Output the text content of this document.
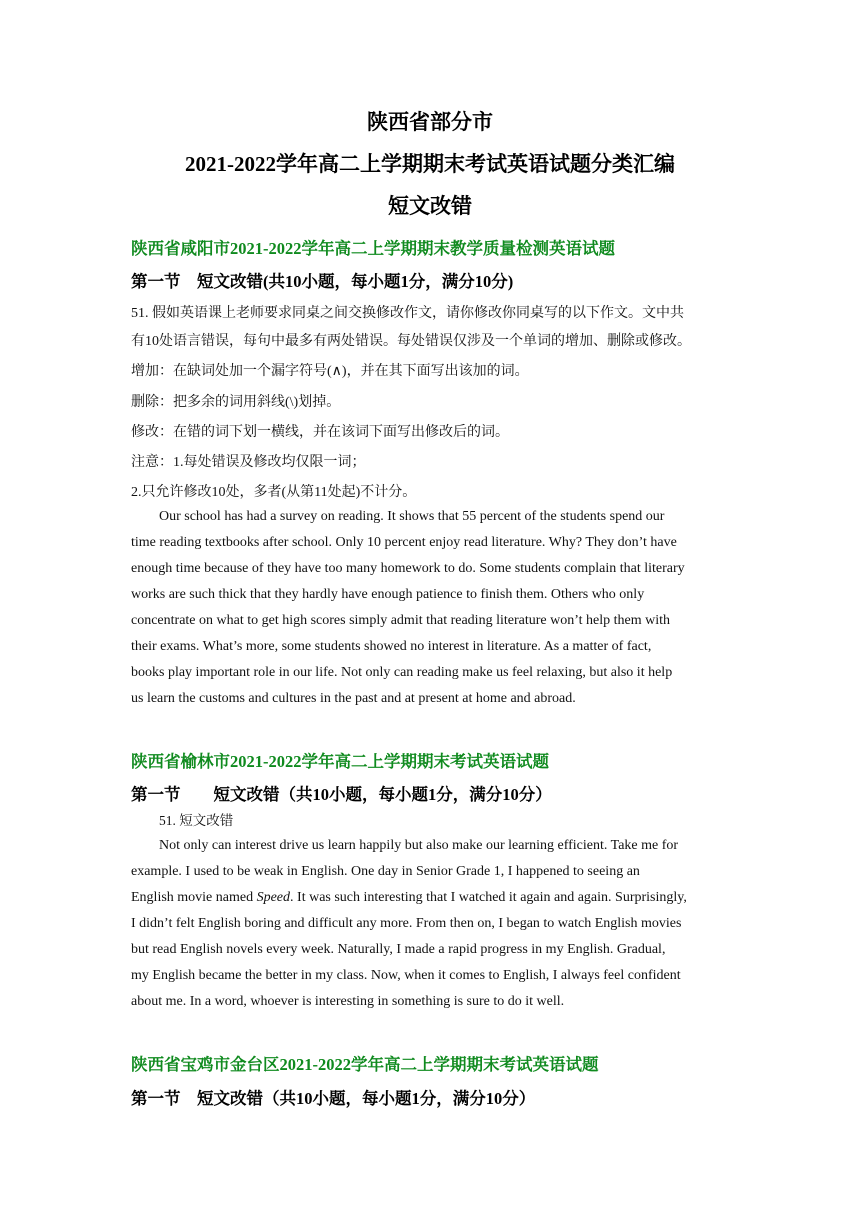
陕西省部分市
2021-2022学年高二上学期期末考试英语试题分类汇编
短文改错
陕西省咸阳市2021-2022学年高二上学期期末教学质量检测英语试题
第一节　短文改错(共10小题，每小题1分，满分10分)
51. 假如英语课上老师要求同桌之间交换修改作文，请你修改你同桌写的以下作文。文中共
有10处语言错误，每句中最多有两处错误。每处错误仅涉及一个单词的增加、删除或修改。
增加：在缺词处加一个漏字符号(∧)，并在其下面写出该加的词。
删除：把多余的词用斜线(\)划掉。
修改：在错的词下划一横线，并在该词下面写出修改后的词。
注意：1.每处错误及修改均仅限一词；
2.只允许修改10处，多者(从第11处起)不计分。
Our school has had a survey on reading. It shows that 55 percent of the students spend our
time reading textbooks after school. Only 10 percent enjoy read literature. Why? They don’t have
enough time because of they have too many homework to do. Some students complain that literary
works are such thick that they hardly have enough patience to finish them. Others who only
concentrate on what to get high scores simply admit that reading literature won’t help them with
their exams. What’s more, some students showed no interest in literature. As a matter of fact,
books play important role in our life. Not only can reading make us feel relaxing, but also it help
us learn the customs and cultures in the past and at present at home and abroad.
陕西省榆林市2021-2022学年高二上学期期末考试英语试题
第一节　　短文改错（共10小题，每小题1分，满分10分）
51. 短文改错
Not only can interest drive us learn happily but also make our learning efficient. Take me for
example. I used to be weak in English. One day in Senior Grade 1, I happened to seeing an
English movie named Speed. It was such interesting that I watched it again and again. Surprisingly,
I didn’t felt English boring and difficult any more. From then on, I began to watch English movies
but read English novels every week. Naturally, I made a rapid progress in my English. Gradual,
my English became the better in my class. Now, when it comes to English, I always feel confident
about me. In a word, whoever is interesting in something is sure to do it well.
陕西省宝鸡市金台区2021-2022学年高二上学期期末考试英语试题
第一节　短文改错（共10小题，每小题1分，满分10分）
